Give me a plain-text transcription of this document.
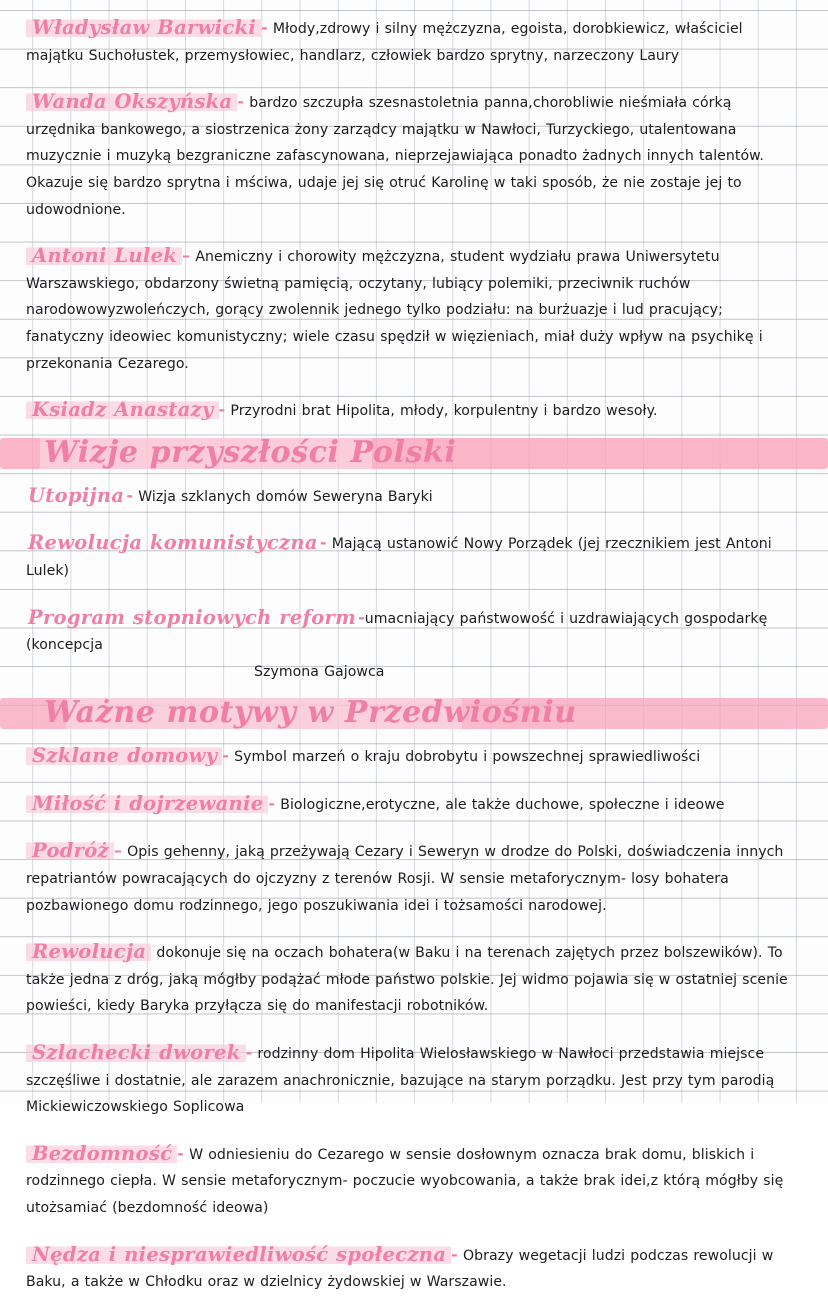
Władysław Barwicki - Młody,zdrowy i silny mężczyzna, egoista, dorobkiewicz, właściciel majątku Suchołustek, przemysłowiec, handlarz, człowiek bardzo sprytny, narzeczony Laury

Wanda Okszyńska - bardzo szczupła szesnastoletnia panna,chorobliwie nieśmiała córką urzędnika bankowego, a siostrzenica żony zarządcy majątku w Nawłoci, Turzyckiego, utalentowana muzycznie i muzyką bezgraniczne zafascynowana, nieprzejawiająca ponadto żadnych innych talentów. Okazuje się bardzo sprytna i mściwa, udaje jej się otruć Karolinę w taki sposób, że nie zostaje jej to udowodnione.

Antoni Lulek – Anemiczny i chorowity mężczyzna, student wydziału prawa Uniwersytetu Warszawskiego, obdarzony świetną pamięcią, oczytany, lubiący polemiki, przeciwnik ruchów narodowowyzwoleńczych, gorący zwolennik jednego tylko podziału: na burżuazje i lud pracujący; fanatyczny ideowiec komunistyczny; wiele czasu spędził w więzieniach, miał duży wpływ na psychikę i przekonania Cezarego.

Ksiadz Anastazy - Przyrodni brat Hipolita, młody, korpulentny i bardzo wesoły.

Wizje przyszłości Polski

Utopijna - Wizja szklanych domów Seweryna Baryki

Rewolucja komunistyczna - Mającą ustanowić Nowy Porządek (jej rzecznikiem jest Antoni Lulek)

Program stopniowych reform -umacniający państwowość i uzdrawiających gospodarkę (koncepcja
Szymona Gajowca

Ważne motywy w Przedwiośniu

Szklane domowy - Symbol marzeń o kraju dobrobytu i powszechnej sprawiedliwości

Miłość i dojrzewanie - Biologiczne,erotyczne, ale także duchowe, społeczne i ideowe

Podróż – Opis gehenny, jaką przeżywają Cezary i Seweryn w drodze do Polski, doświadczenia innych repatriantów powracających do ojczyzny z terenów Rosji. W sensie metaforycznym- losy bohatera pozbawionego domu rodzinnego, jego poszukiwania idei i tożsamości narodowej.

Rewolucja dokonuje się na oczach bohatera(w Baku i na terenach zajętych przez bolszewików). To także jedna z dróg, jaką mógłby podążać młode państwo polskie. Jej widmo pojawia się w ostatniej scenie powieści, kiedy Baryka przyłącza się do manifestacji robotników.

Szlachecki dworek - rodzinny dom Hipolita Wielosławskiego w Nawłoci przedstawia miejsce szczęśliwe i dostatnie, ale zarazem anachronicznie, bazujące na starym porządku. Jest przy tym parodią Mickiewiczowskiego Soplicowa

Bezdomność - W odniesieniu do Cezarego w sensie dosłownym oznacza brak domu, bliskich i rodzinnego ciepła. W sensie metaforycznym- poczucie wyobcowania, a także brak idei,z którą mógłby się utożsamiać (bezdomność ideowa)

Nędza i niesprawiedliwość społeczna - Obrazy wegetacji ludzi podczas rewolucji w Baku, a także w Chłodku oraz w dzielnicy żydowskiej w Warszawie.
